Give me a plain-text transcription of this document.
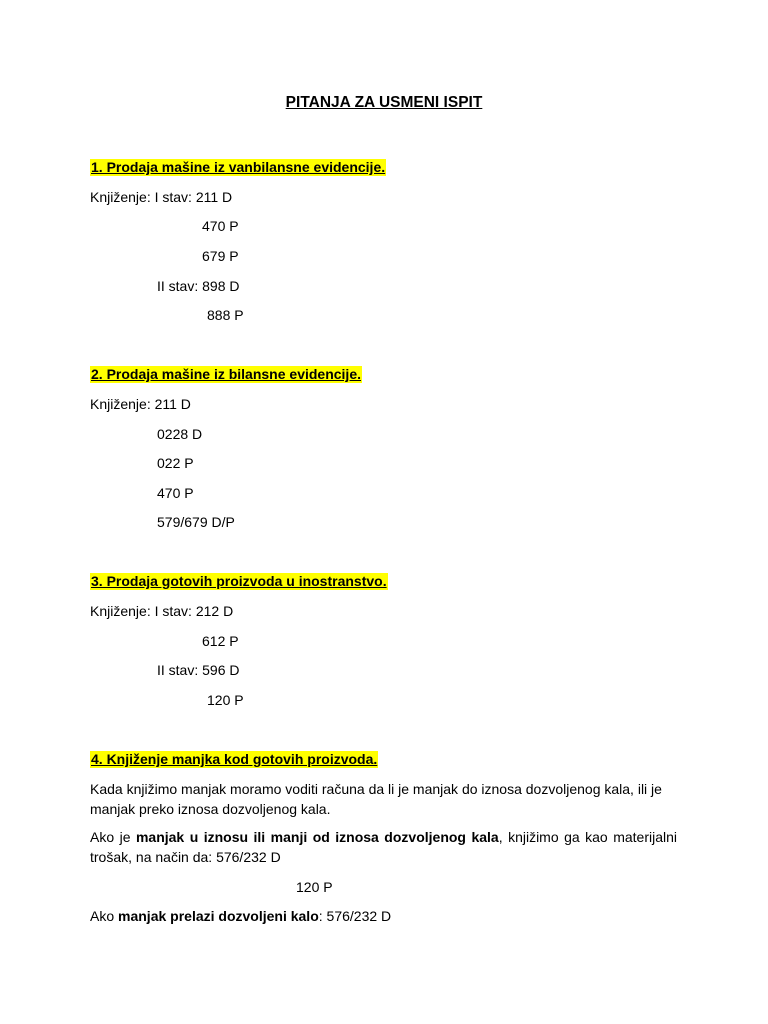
PITANJA ZA USMENI ISPIT
1. Prodaja mašine iz vanbilansne evidencije.
Knjiženje: I stav: 211 D
470 P
679 P
II stav: 898 D
888 P
2. Prodaja mašine iz bilansne evidencije.
Knjiženje: 211 D
0228 D
022 P
470 P
579/679 D/P
3. Prodaja gotovih proizvoda u inostranstvo.
Knjiženje: I stav: 212 D
612 P
II stav: 596 D
120 P
4. Knjiženje manjka kod gotovih proizvoda.
Kada knjižimo manjak moramo voditi računa da li je manjak do iznosa dozvoljenog kala, ili je manjak preko iznosa dozvoljenog kala.
Ako je manjak u iznosu ili manji od iznosa dozvoljenog kala, knjižimo ga kao materijalni trošak, na način da: 576/232 D
120 P
Ako manjak prelazi dozvoljeni kalo: 576/232 D
